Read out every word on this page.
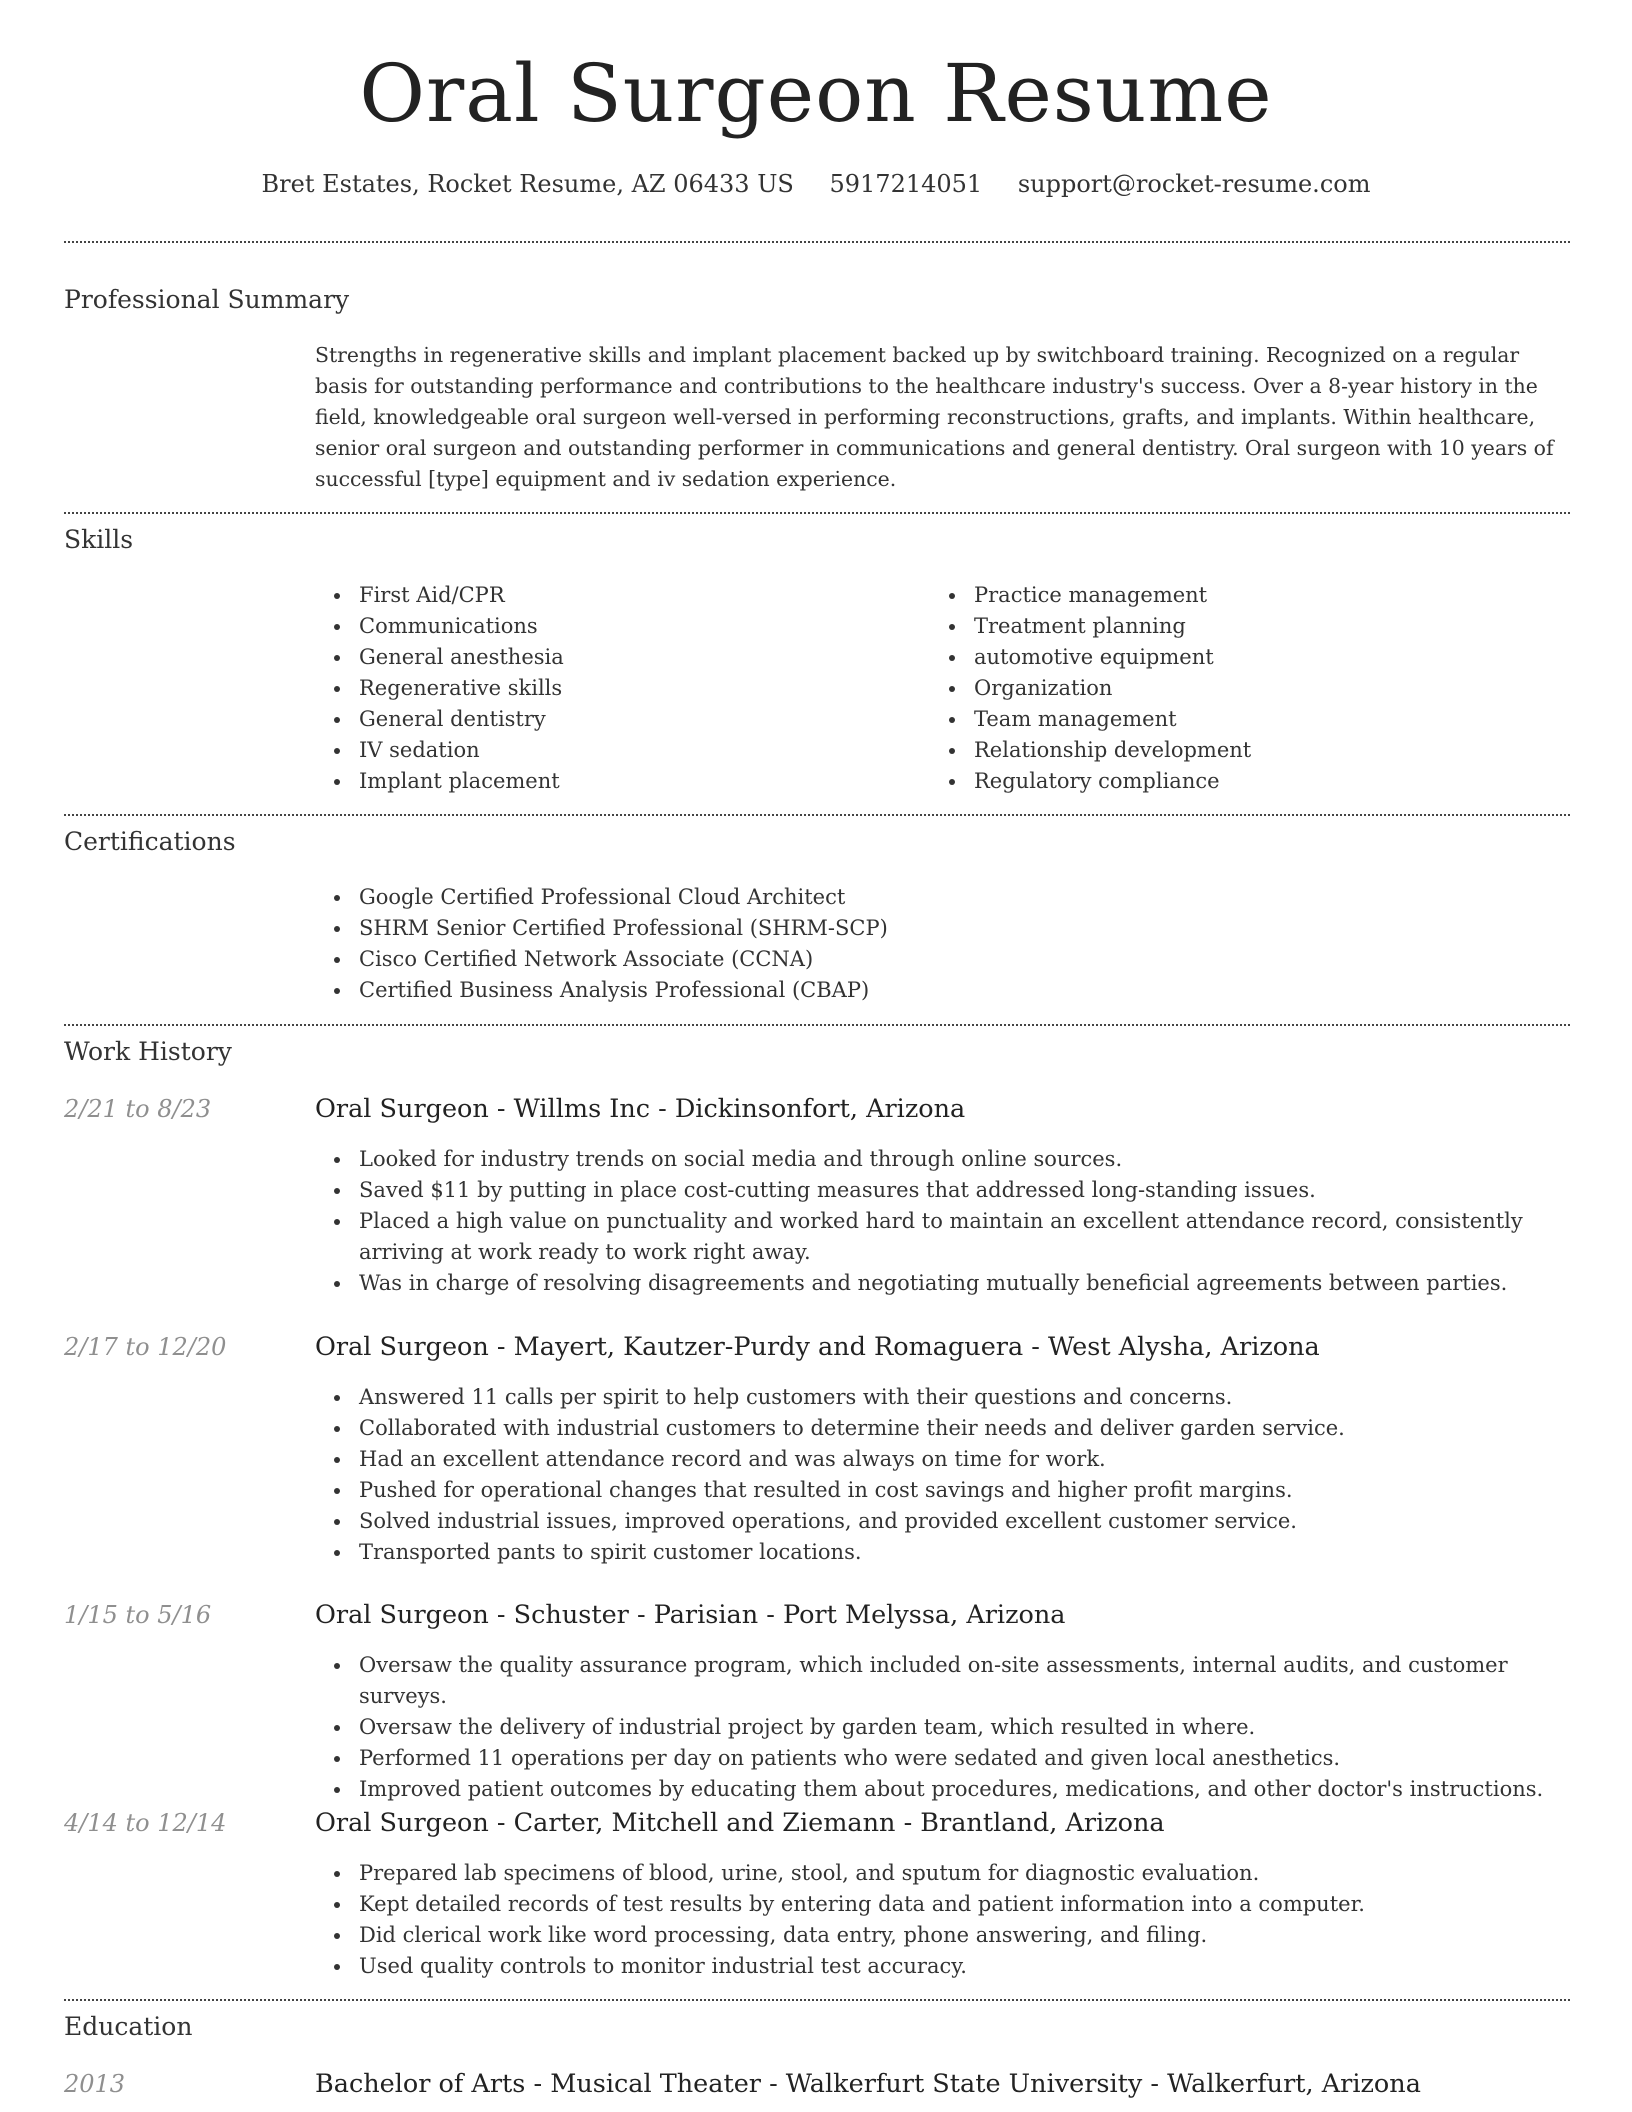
Oral Surgeon Resume
Bret Estates, Rocket Resume, AZ 06433 US 5917214051 support@rocket-resume.com
Professional Summary

Strengths in regenerative skills and implant placement backed up by switchboard training. Recognized on a regular basis for outstanding performance and contributions to the healthcare industry's success. Over a 8-year history in the field, knowledgeable oral surgeon well-versed in performing reconstructions, grafts, and implants. Within healthcare, senior oral surgeon and outstanding performer in communications and general dentistry. Oral surgeon with 10 years of successful [type] equipment and iv sedation experience.

Skills
First Aid/CPR
Communications
General anesthesia
Regenerative skills
General dentistry
IV sedation
Implant placement
Practice management
Treatment planning
automotive equipment
Organization
Team management
Relationship development
Regulatory compliance
Certifications
Google Certified Professional Cloud Architect
SHRM Senior Certified Professional (SHRM-SCP)
Cisco Certified Network Associate (CCNA)
Certified Business Analysis Professional (CBAP)
Work History
2/21 to 8/23	Oral Surgeon - Willms Inc - Dickinsonfort, Arizona
Looked for industry trends on social media and through online sources.
Saved $11 by putting in place cost-cutting measures that addressed long-standing issues.
Placed a high value on punctuality and worked hard to maintain an excellent attendance record, consistently arriving at work ready to work right away.
Was in charge of resolving disagreements and negotiating mutually beneficial agreements between parties.
2/17 to 12/20	Oral Surgeon - Mayert, Kautzer-Purdy and Romaguera - West Alysha, Arizona
Answered 11 calls per spirit to help customers with their questions and concerns.
Collaborated with industrial customers to determine their needs and deliver garden service.
Had an excellent attendance record and was always on time for work.
Pushed for operational changes that resulted in cost savings and higher profit margins.
Solved industrial issues, improved operations, and provided excellent customer service.
Transported pants to spirit customer locations.
1/15 to 5/16	Oral Surgeon - Schuster - Parisian - Port Melyssa, Arizona
Oversaw the quality assurance program, which included on-site assessments, internal audits, and customer surveys.
Oversaw the delivery of industrial project by garden team, which resulted in where.
Performed 11 operations per day on patients who were sedated and given local anesthetics.
Improved patient outcomes by educating them about procedures, medications, and other doctor's instructions.
4/14 to 12/14	Oral Surgeon - Carter, Mitchell and Ziemann - Brantland, Arizona
Prepared lab specimens of blood, urine, stool, and sputum for diagnostic evaluation.
Kept detailed records of test results by entering data and patient information into a computer.
Did clerical work like word processing, data entry, phone answering, and filing.
Used quality controls to monitor industrial test accuracy.
Education
2013	Bachelor of Arts - Musical Theater - Walkerfurt State University - Walkerfurt, Arizona
